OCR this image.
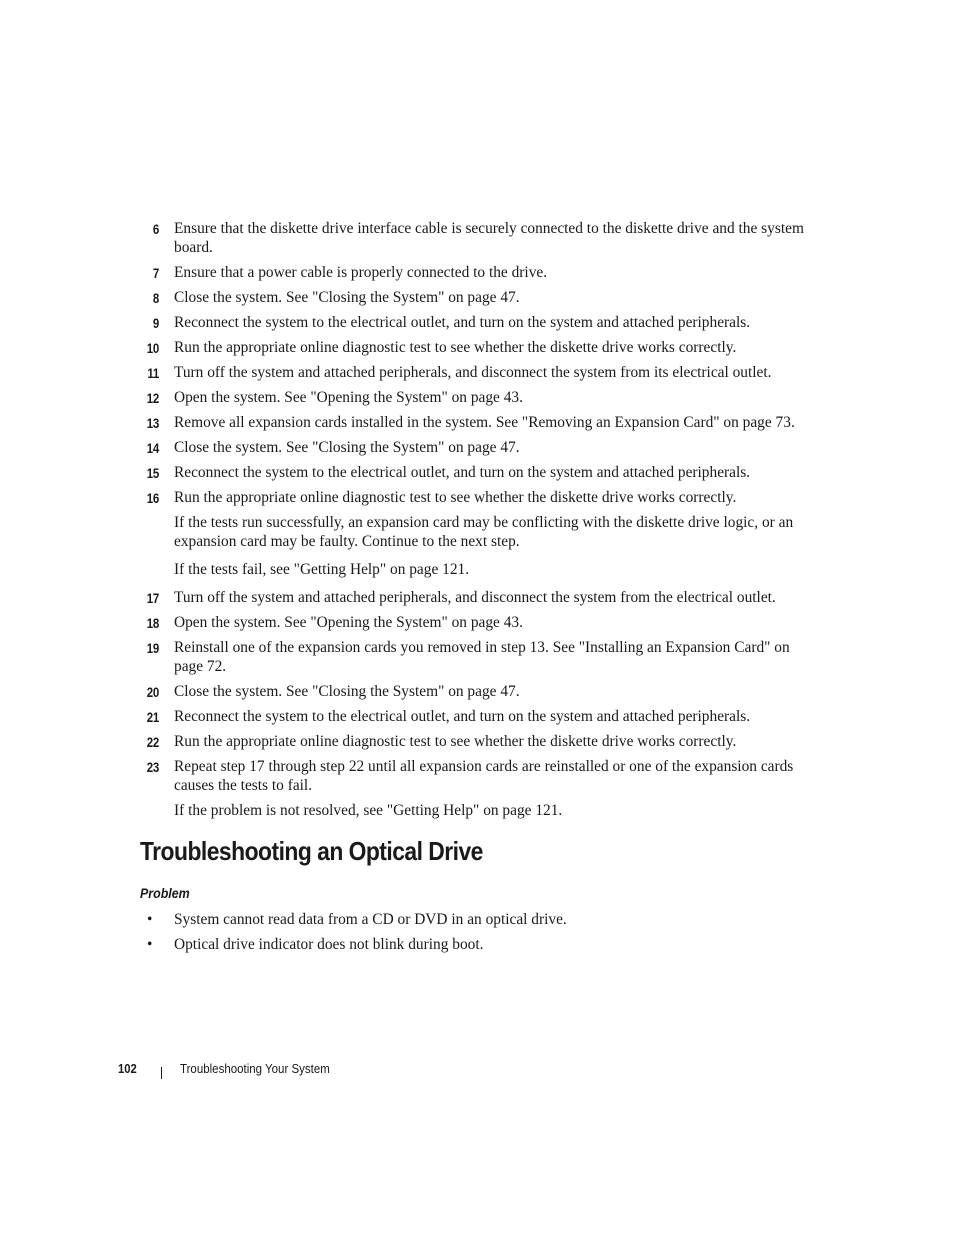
6 Ensure that the diskette drive interface cable is securely connected to the diskette drive and the system board.
7 Ensure that a power cable is properly connected to the drive.
8 Close the system. See "Closing the System" on page 47.
9 Reconnect the system to the electrical outlet, and turn on the system and attached peripherals.
10 Run the appropriate online diagnostic test to see whether the diskette drive works correctly.
11 Turn off the system and attached peripherals, and disconnect the system from its electrical outlet.
12 Open the system. See "Opening the System" on page 43.
13 Remove all expansion cards installed in the system. See "Removing an Expansion Card" on page 73.
14 Close the system. See "Closing the System" on page 47.
15 Reconnect the system to the electrical outlet, and turn on the system and attached peripherals.
16 Run the appropriate online diagnostic test to see whether the diskette drive works correctly.
If the tests run successfully, an expansion card may be conflicting with the diskette drive logic, or an expansion card may be faulty. Continue to the next step.
If the tests fail, see "Getting Help" on page 121.
17 Turn off the system and attached peripherals, and disconnect the system from the electrical outlet.
18 Open the system. See "Opening the System" on page 43.
19 Reinstall one of the expansion cards you removed in step 13. See "Installing an Expansion Card" on page 72.
20 Close the system. See "Closing the System" on page 47.
21 Reconnect the system to the electrical outlet, and turn on the system and attached peripherals.
22 Run the appropriate online diagnostic test to see whether the diskette drive works correctly.
23 Repeat step 17 through step 22 until all expansion cards are reinstalled or one of the expansion cards causes the tests to fail.
If the problem is not resolved, see "Getting Help" on page 121.
Troubleshooting an Optical Drive
Problem
• System cannot read data from a CD or DVD in an optical drive.
• Optical drive indicator does not blink during boot.
102	Troubleshooting Your System
